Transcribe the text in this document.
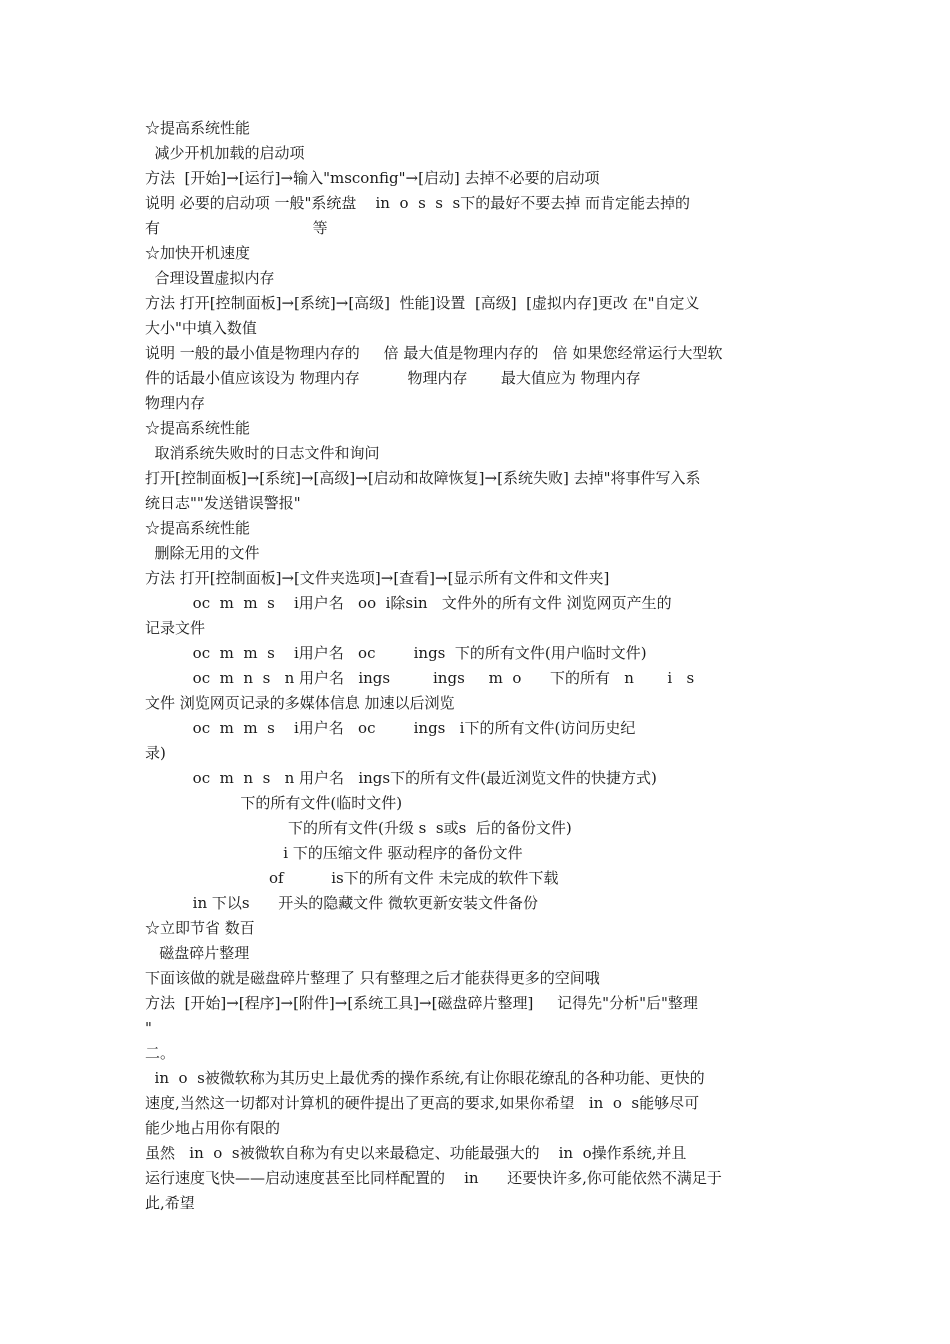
☆提高系统性能
减少开机加载的启动项
方法  [开始]→[运行]→输入"msconfig"→[启动] 去掉不必要的启动项
说明 必要的启动项 一般"系统盘    in  o  s  s  s下的最好不要去掉 而肯定能去掉的
有                                等
☆加快开机速度
合理设置虚拟内存
方法 打开[控制面板]→[系统]→[高级]  性能]设置  [高级]  [虚拟内存]更改 在"自定义
大小"中填入数值
说明 一般的最小值是物理内存的     倍 最大值是物理内存的   倍 如果您经常运行大型软
件的话最小值应该设为 物理内存          物理内存       最大值应为 物理内存
物理内存
☆提高系统性能
取消系统失败时的日志文件和询问
打开[控制面板]→[系统]→[高级]→[启动和故障恢复]→[系统失败] 去掉"将事件写入系
统日志""发送错误警报"
☆提高系统性能
删除无用的文件
方法 打开[控制面板]→[文件夹选项]→[查看]→[显示所有文件和文件夹]
oc  m  m  s    i用户名   oo  i除sin   文件外的所有文件 浏览网页产生的
记录文件
oc  m  m  s    i用户名   oc        ings  下的所有文件(用户临时文件)
oc  m  n  s   n 用户名   ings         ings     m  o      下的所有   n       i   s
文件 浏览网页记录的多媒体信息 加速以后浏览
oc  m  m  s    i用户名   oc        ings   i下的所有文件(访问历史纪
录)
oc  m  n  s   n 用户名   ings下的所有文件(最近浏览文件的快捷方式)
下的所有文件(临时文件)
下的所有文件(升级 s  s或s  后的备份文件)
i 下的压缩文件 驱动程序的备份文件
of          is下的所有文件 未完成的软件下载
in 下以s      开头的隐藏文件 微软更新安装文件备份
☆立即节省 数百
磁盘碎片整理
下面该做的就是磁盘碎片整理了 只有整理之后才能获得更多的空间哦
方法  [开始]→[程序]→[附件]→[系统工具]→[磁盘碎片整理]     记得先"分析"后"整理
"
二。
in  o  s被微软称为其历史上最优秀的操作系统,有让你眼花缭乱的各种功能、更快的
速度,当然这一切都对计算机的硬件提出了更高的要求,如果你希望   in  o  s能够尽可
能少地占用你有限的
虽然   in  o  s被微软自称为有史以来最稳定、功能最强大的    in  o操作系统,并且
运行速度飞快——启动速度甚至比同样配置的    in      还要快许多,你可能依然不满足于
此,希望
